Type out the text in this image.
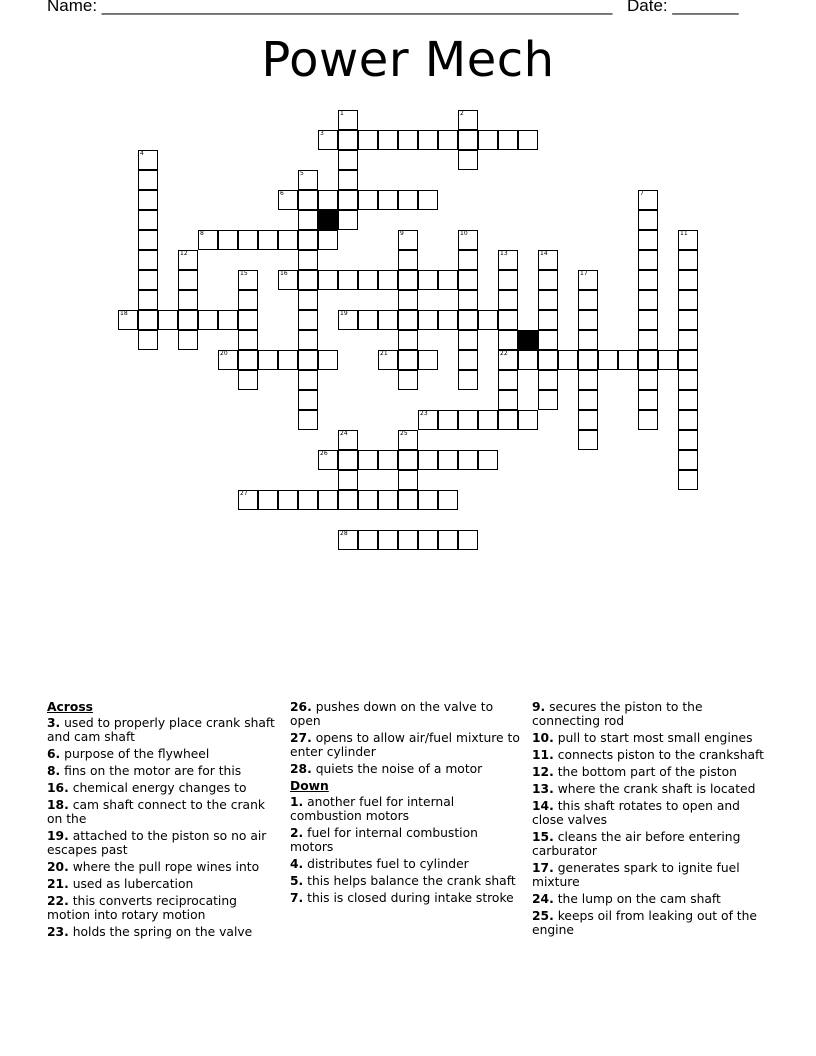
Name: ______________________________________________________ Date: _______
Power Mech
1	2
3
4
5
6	7
8	9	10	11
12	13	14
15	16	17
18	19
20	21	22
23
24	25
26
27
28
Across
3. used to properly place crank shaft and cam shaft
6. purpose of the flywheel
8. fins on the motor are for this
16. chemical energy changes to
18. cam shaft connect to the crank on the
19. attached to the piston so no air escapes past
20. where the pull rope wines into
21. used as lubercation
22. this converts reciprocating motion into rotary motion
23. holds the spring on the valve
26. pushes down on the valve to open
27. opens to allow air/fuel mixture to enter cylinder
28. quiets the noise of a motor
Down
1. another fuel for internal combustion motors
2. fuel for internal combustion motors
4. distributes fuel to cylinder
5. this helps balance the crank shaft
7. this is closed during intake stroke
9. secures the piston to the connecting rod
10. pull to start most small engines
11. connects piston to the crankshaft
12. the bottom part of the piston
13. where the crank shaft is located
14. this shaft rotates to open and close valves
15. cleans the air before entering carburator
17. generates spark to ignite fuel mixture
24. the lump on the cam shaft
25. keeps oil from leaking out of the engine
